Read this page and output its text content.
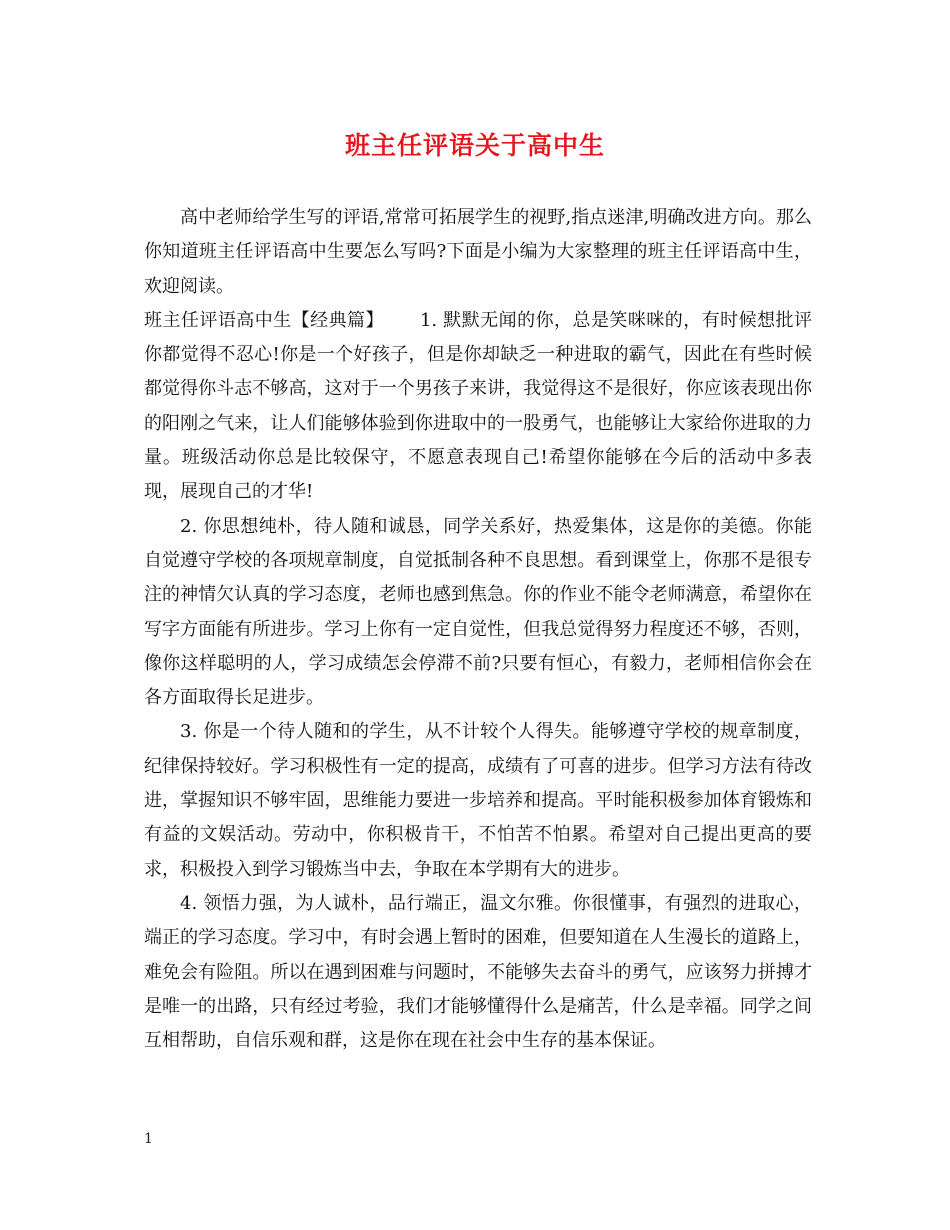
班主任评语关于高中生

高中老师给学生写的评语,常常可拓展学生的视野,指点迷津,明确改进方向。那么你知道班主任评语高中生要怎么写吗?下面是小编为大家整理的班主任评语高中生，欢迎阅读。

班主任评语高中生【经典篇】 1. 默默无闻的你，总是笑咪咪的，有时候想批评你都觉得不忍心!你是一个好孩子，但是你却缺乏一种进取的霸气，因此在有些时候都觉得你斗志不够高，这对于一个男孩子来讲，我觉得这不是很好，你应该表现出你的阳刚之气来，让人们能够体验到你进取中的一股勇气，也能够让大家给你进取的力量。班级活动你总是比较保守，不愿意表现自己!希望你能够在今后的活动中多表现，展现自己的才华!

2. 你思想纯朴，待人随和诚恳，同学关系好，热爱集体，这是你的美德。你能自觉遵守学校的各项规章制度，自觉抵制各种不良思想。看到课堂上，你那不是很专注的神情欠认真的学习态度，老师也感到焦急。你的作业不能令老师满意，希望你在写字方面能有所进步。学习上你有一定自觉性，但我总觉得努力程度还不够，否则，像你这样聪明的人，学习成绩怎会停滞不前?只要有恒心，有毅力，老师相信你会在各方面取得长足进步。

3. 你是一个待人随和的学生，从不计较个人得失。能够遵守学校的规章制度，纪律保持较好。学习积极性有一定的提高，成绩有了可喜的进步。但学习方法有待改进，掌握知识不够牢固，思维能力要进一步培养和提高。平时能积极参加体育锻炼和有益的文娱活动。劳动中，你积极肯干，不怕苦不怕累。希望对自己提出更高的要求，积极投入到学习锻炼当中去，争取在本学期有大的进步。

4. 领悟力强，为人诚朴，品行端正，温文尔雅。你很懂事，有强烈的进取心，端正的学习态度。学习中，有时会遇上暂时的困难，但要知道在人生漫长的道路上，难免会有险阻。所以在遇到困难与问题时，不能够失去奋斗的勇气，应该努力拼搏才是唯一的出路，只有经过考验，我们才能够懂得什么是痛苦，什么是幸福。同学之间互相帮助，自信乐观和群，这是你在现在社会中生存的基本保证。

1
